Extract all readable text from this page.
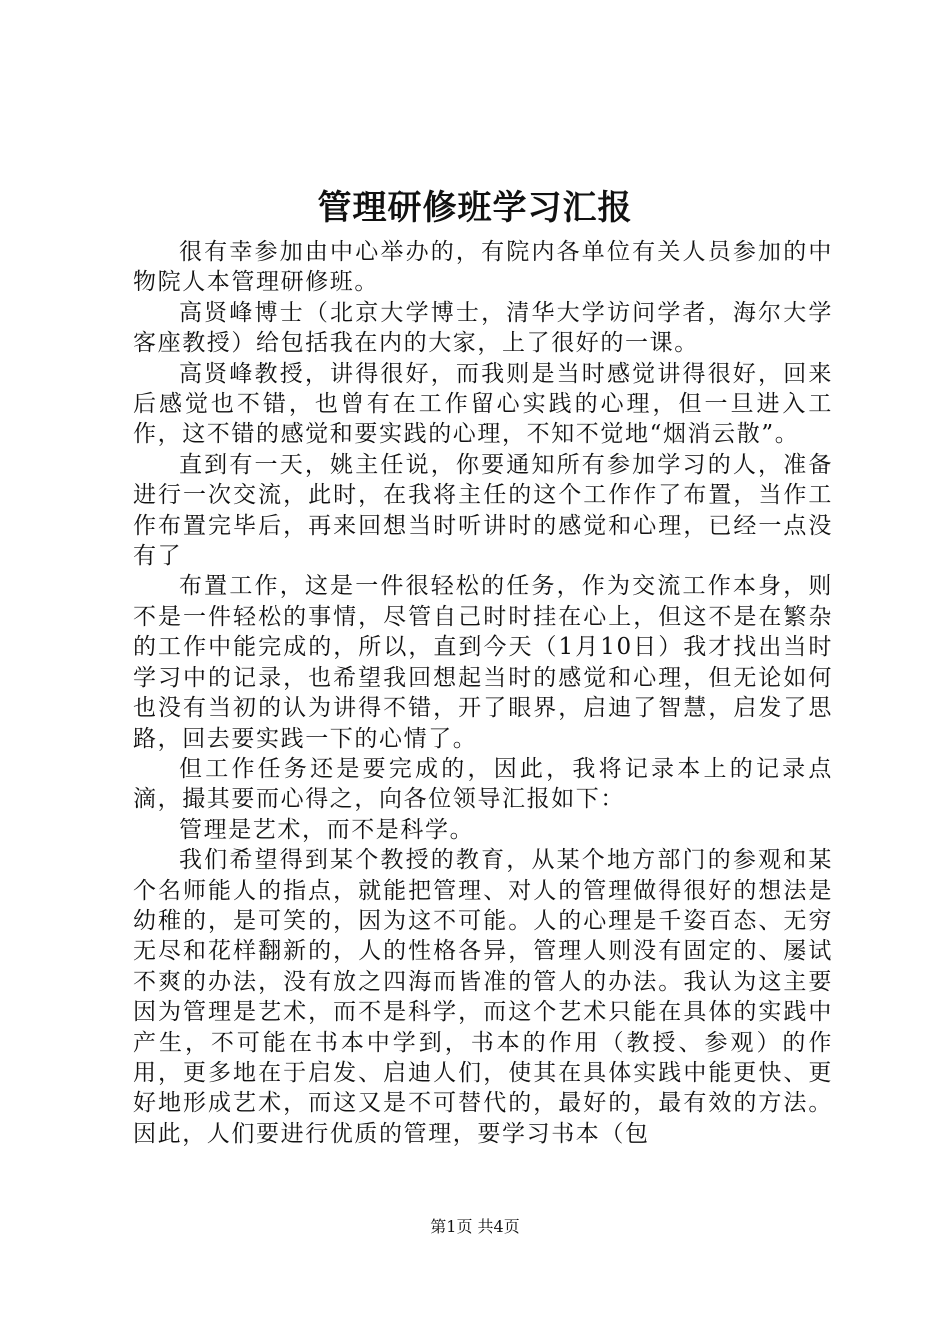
管理研修班学习汇报

很有幸参加由中心举办的，有院内各单位有关人员参加的中物院人本管理研修班。

高贤峰博士（北京大学博士，清华大学访问学者，海尔大学客座教授）给包括我在内的大家，上了很好的一课。

高贤峰教授，讲得很好，而我则是当时感觉讲得很好，回来后感觉也不错，也曾有在工作留心实践的心理，但一旦进入工作，这不错的感觉和要实践的心理，不知不觉地“烟消云散”。

直到有一天，姚主任说，你要通知所有参加学习的人，准备进行一次交流，此时，在我将主任的这个工作作了布置，当作工作布置完毕后，再来回想当时听讲时的感觉和心理，已经一点没有了

布置工作，这是一件很轻松的任务，作为交流工作本身，则不是一件轻松的事情，尽管自己时时挂在心上，但这不是在繁杂的工作中能完成的，所以，直到今天（1月10日）我才找出当时学习中的记录，也希望我回想起当时的感觉和心理，但无论如何也没有当初的认为讲得不错，开了眼界，启迪了智慧，启发了思路，回去要实践一下的心情了。

但工作任务还是要完成的，因此，我将记录本上的记录点滴，撮其要而心得之，向各位领导汇报如下：

管理是艺术，而不是科学。

我们希望得到某个教授的教育，从某个地方部门的参观和某个名师能人的指点，就能把管理、对人的管理做得很好的想法是幼稚的，是可笑的，因为这不可能。人的心理是千姿百态、无穷无尽和花样翻新的，人的性格各异，管理人则没有固定的、屡试不爽的办法，没有放之四海而皆准的管人的办法。我认为这主要因为管理是艺术，而不是科学，而这个艺术只能在具体的实践中产生，不可能在书本中学到，书本的作用（教授、参观）的作用，更多地在于启发、启迪人们，使其在具体实践中能更快、更好地形成艺术，而这又是不可替代的，最好的，最有效的方法。因此，人们要进行优质的管理，要学习书本（包

第1页 共4页
